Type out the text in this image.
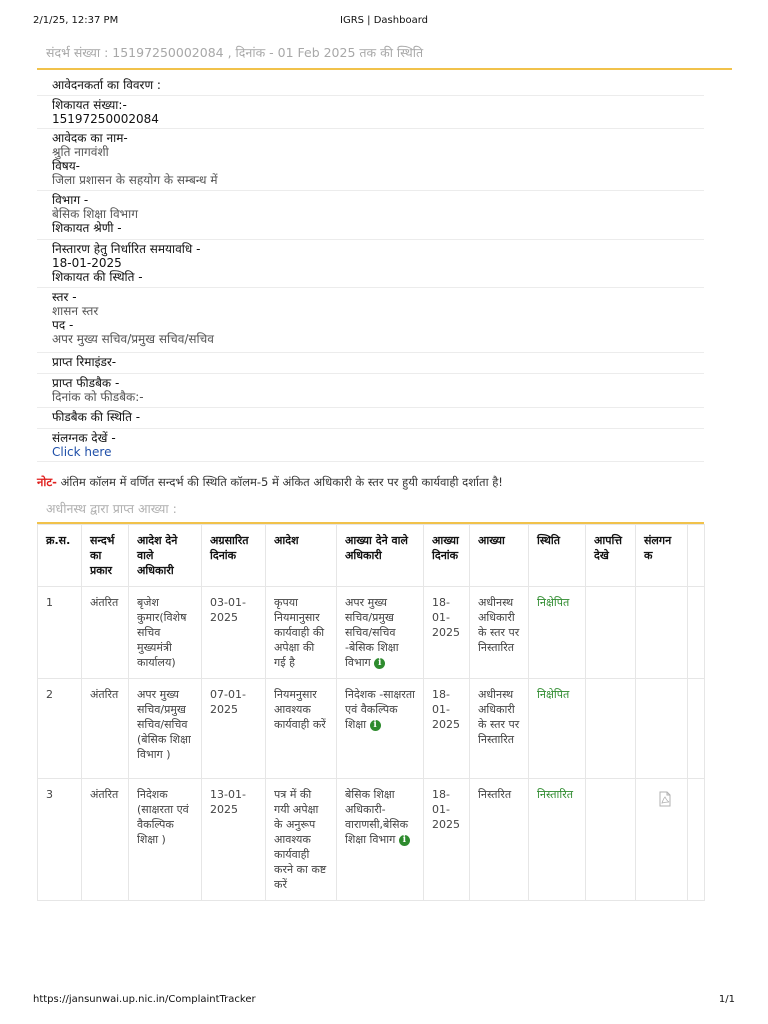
2/1/25, 12:37 PM	IGRS | Dashboard
संदर्भ संख्या : 15197250002084 , दिनांक - 01 Feb 2025 तक की स्थिति
आवेदनकर्ता का विवरण :
शिकायत संख्या:-
15197250002084
आवेदक का नाम-
श्रुति नागवंशी
विषय-
जिला प्रशासन के सहयोग के सम्बन्ध में
विभाग -
बेसिक शिक्षा विभाग
शिकायत श्रेणी -
निस्तारण हेतु निर्धारित समयावधि -
18-01-2025
शिकायत की स्थिति -
स्तर -
शासन स्तर
पद -
अपर मुख्य सचिव/प्रमुख सचिव/सचिव
प्राप्त रिमाइंडर-
प्राप्त फीडबैक -
दिनांक को फीडबैक:-
फीडबैक की स्थिति -
संलग्नक देखें -
Click here
नोट- अंतिम कॉलम में वर्णित सन्दर्भ की स्थिति कॉलम-5 में अंकित अधिकारी के स्तर पर हुयी कार्यवाही दर्शाता है!
अधीनस्थ द्वारा प्राप्त आख्या :
क्र.स.	सन्दर्भ का प्रकार	आदेश देने वाले अधिकारी	अग्रसारित दिनांक	आदेश	आख्या देने वाले अधिकारी	आख्या दिनांक	आख्या	स्थिति	आपत्ति देखे	संलगनक	
1	अंतरित	बृजेश कुमार(विशेष सचिव मुख्यमंत्री कार्यालय)	03-01-2025	कृपया नियमानुसार कार्यवाही की अपेक्षा की गई है	अपर मुख्य सचिव/प्रमुख सचिव/सचिव -बेसिक शिक्षा विभाग i	18-01-2025	अधीनस्थ अधिकारी के स्तर पर निस्तारित	निक्षेपित			
2	अंतरित	अपर मुख्य सचिव/प्रमुख सचिव/सचिव (बेसिक शिक्षा विभाग )	07-01-2025	नियमनुसार आवश्यक कार्यवाही करें	निदेशक -साक्षरता एवं वैकल्पिक शिक्षा i	18-01-2025	अधीनस्थ अधिकारी के स्तर पर निस्तारित	निक्षेपित			
3	अंतरित	निदेशक (साक्षरता एवं वैकल्पिक शिक्षा )	13-01-2025	पत्र में की गयी अपेक्षा के अनुरूप आवश्यक कार्यवाही करने का कष्ट करें	बेसिक शिक्षा अधिकारी-वाराणसी,बेसिक शिक्षा विभाग i	18-01-2025	निस्तरित	निस्तारित			
https://jansunwai.up.nic.in/ComplaintTracker	1/1
